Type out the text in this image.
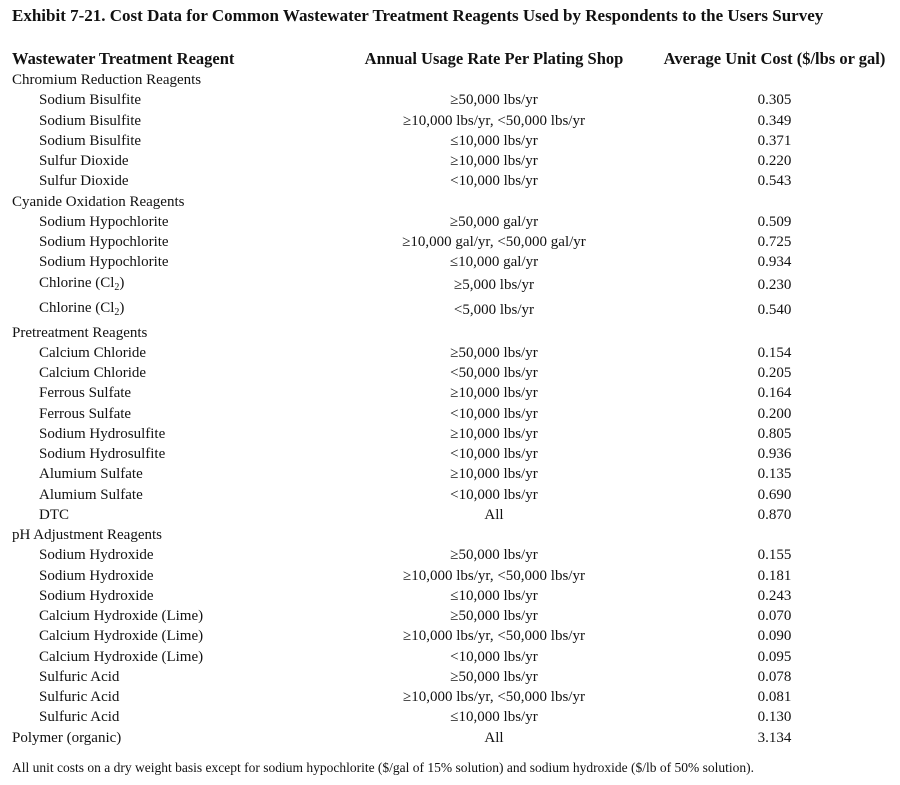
Exhibit 7-21. Cost Data for Common Wastewater Treatment Reagents Used by Respondents to the Users Survey
Wastewater Treatment Reagent	Annual Usage Rate Per Plating Shop	Average Unit Cost ($/lbs or gal)
Chromium Reduction Reagents		
Sodium Bisulfite	≥50,000 lbs/yr	0.305
Sodium Bisulfite	≥10,000 lbs/yr, <50,000 lbs/yr	0.349
Sodium Bisulfite	≤10,000 lbs/yr	0.371
Sulfur Dioxide	≥10,000 lbs/yr	0.220
Sulfur Dioxide	<10,000 lbs/yr	0.543
Cyanide Oxidation Reagents		
Sodium Hypochlorite	≥50,000 gal/yr	0.509
Sodium Hypochlorite	≥10,000 gal/yr, <50,000 gal/yr	0.725
Sodium Hypochlorite	≤10,000 gal/yr	0.934
Chlorine $(Cl_2)$	≥5,000 lbs/yr	0.230
Chlorine $(Cl_2)$	<5,000 lbs/yr	0.540
Pretreatment Reagents		
Calcium Chloride	≥50,000 lbs/yr	0.154
Calcium Chloride	<50,000 lbs/yr	0.205
Ferrous Sulfate	≥10,000 lbs/yr	0.164
Ferrous Sulfate	<10,000 lbs/yr	0.200
Sodium Hydrosulfite	≥10,000 lbs/yr	0.805
Sodium Hydrosulfite	<10,000 lbs/yr	0.936
Alumium Sulfate	≥10,000 lbs/yr	0.135
Alumium Sulfate	<10,000 lbs/yr	0.690
DTC	All	0.870
pH Adjustment Reagents		
Sodium Hydroxide	≥50,000 lbs/yr	0.155
Sodium Hydroxide	≥10,000 lbs/yr, <50,000 lbs/yr	0.181
Sodium Hydroxide	≤10,000 lbs/yr	0.243
Calcium Hydroxide (Lime)	≥50,000 lbs/yr	0.070
Calcium Hydroxide (Lime)	≥10,000 lbs/yr, <50,000 lbs/yr	0.090
Calcium Hydroxide (Lime)	<10,000 lbs/yr	0.095
Sulfuric Acid	≥50,000 lbs/yr	0.078
Sulfuric Acid	≥10,000 lbs/yr, <50,000 lbs/yr	0.081
Sulfuric Acid	≤10,000 lbs/yr	0.130
Polymer (organic)	All	3.134
All unit costs on a dry weight basis except for sodium hypochlorite ($/gal of 15% solution) and sodium hydroxide ($/lb of 50% solution).
